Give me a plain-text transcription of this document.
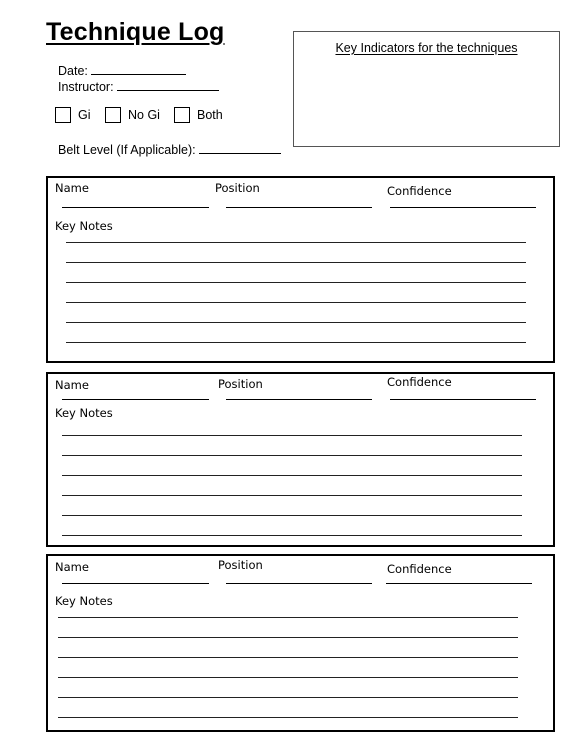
Technique Log
Date:
Instructor:
Gi	No Gi	Both
Belt Level (If Applicable):
Key Indicators for the techniques
Name	Position	Confidence
Key Notes
Name	Position	Confidence
Key Notes
Name	Position	Confidence
Key Notes
